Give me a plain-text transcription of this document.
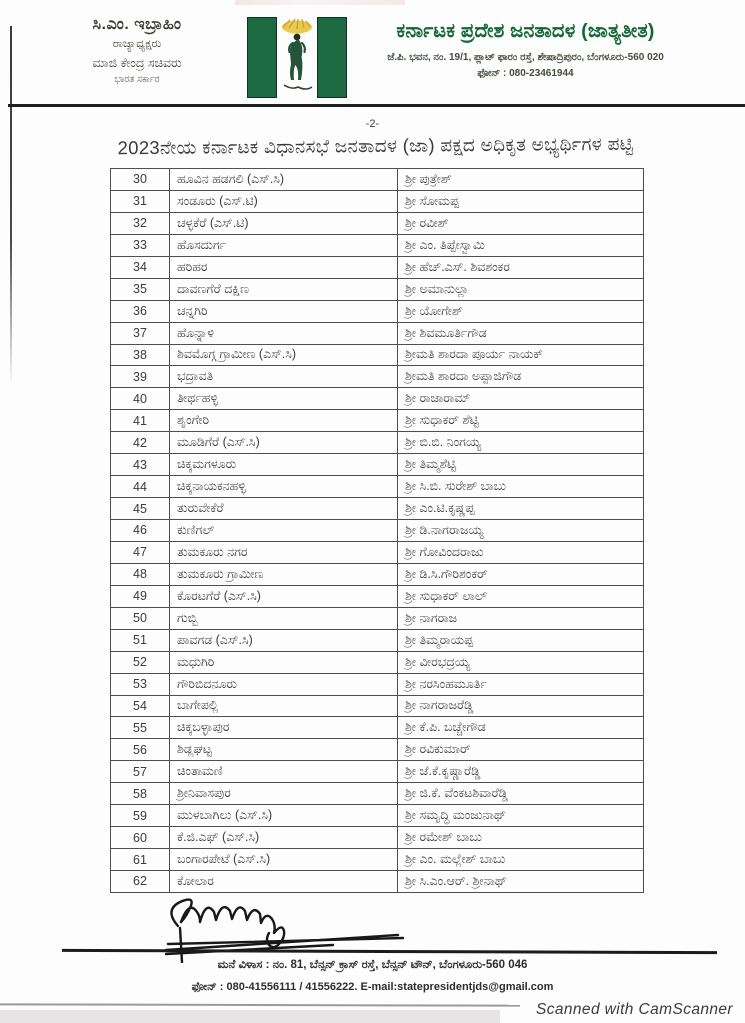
ಸಿ.ಎಂ. ಇಬ್ರಾಹಿಂ
ರಾಜ್ಯಾಧ್ಯಕ್ಷರು
ಮಾಜಿ ಕೇಂದ್ರ ಸಚಿವರು
ಭಾರತ ಸರ್ಕಾರ
ಕರ್ನಾಟಕ ಪ್ರದೇಶ ಜನತಾದಳ (ಜಾತ್ಯತೀತ)
ಜೆ.ಪಿ. ಭವನ, ನಂ. 19/1, ಪ್ಲಾಟ್ ಫಾರಂ ರಸ್ತೆ, ಶೇಷಾದ್ರಿಪುರಂ, ಬೆಂಗಳೂರು-560 020
ಫೋನ್ : 080-23461944
-2-
2023ನೇಯ ಕರ್ನಾಟಕ ವಿಧಾನಸಭೆ ಜನತಾದಳ (ಜಾ) ಪಕ್ಷದ ಅಧಿಕೃತ ಅಭ್ಯರ್ಥಿಗಳ ಪಟ್ಟಿ
30	ಹೂವಿನ ಹಡಗಲಿ (ಎಸ್.ಸಿ)	ಶ್ರೀ ಪುತ್ರೇಶ್
31	ಸಂಡೂರು (ಎಸ್.ಟಿ)	ಶ್ರೀ ಸೋಮಪ್ಪ
32	ಚಳ್ಳಕೆರೆ (ಎಸ್.ಟಿ)	ಶ್ರೀ ರವೀಶ್
33	ಹೊಸದುರ್ಗ	ಶ್ರೀ ಎಂ. ತಿಪ್ಪೇಸ್ವಾಮಿ
34	ಹರಿಹರ	ಶ್ರೀ ಹೆಚ್.ಎಸ್. ಶಿವಶಂಕರ
35	ದಾವಣಗೆರೆ ದಕ್ಷಿಣ	ಶ್ರೀ ಅಮಾನುಲ್ಲಾ
36	ಚನ್ನಗಿರಿ	ಶ್ರೀ ಯೋಗೇಶ್
37	ಹೊನ್ನಾಳಿ	ಶ್ರೀ ಶಿವಮೂರ್ತಿಗೌಡ
38	ಶಿವಮೊಗ್ಗ ಗ್ರಾಮೀಣ (ಎಸ್.ಸಿ)	ಶ್ರೀಮತಿ ಶಾರದಾ ಪೂರ್ಯ ನಾಯಕ್
39	ಭದ್ರಾವತಿ	ಶ್ರೀಮತಿ ಶಾರದಾ ಅಪ್ಪಾಜಿಗೌಡ
40	ತೀರ್ಥಹಳ್ಳಿ	ಶ್ರೀ ರಾಜಾರಾಮ್
41	ಶೃಂಗೇರಿ	ಶ್ರೀ ಸುಧಾಕರ್ ಶೆಟ್ಟಿ
42	ಮೂಡಿಗೆರೆ (ಎಸ್.ಸಿ)	ಶ್ರೀ ಬಿ.ಬಿ. ನಿಂಗಯ್ಯ
43	ಚಿಕ್ಕಮಗಳೂರು	ಶ್ರೀ ತಿಮ್ಮಶೆಟ್ಟಿ
44	ಚಿಕ್ಕನಾಯಕನಹಳ್ಳಿ	ಶ್ರೀ ಸಿ.ಬಿ. ಸುರೇಶ್ ಬಾಬು
45	ತುರುವೇಕೆರೆ	ಶ್ರೀ ಎಂ.ಟಿ.ಕೃಷ್ಣಪ್ಪ
46	ಕುಣಿಗಲ್	ಶ್ರೀ ಡಿ.ನಾಗರಾಜಯ್ಯ
47	ತುಮಕೂರು ನಗರ	ಶ್ರೀ ಗೋವಿಂದರಾಜು
48	ತುಮಕೂರು ಗ್ರಾಮೀಣ	ಶ್ರೀ ಡಿ.ಸಿ.ಗೌರಿಶಂಕರ್
49	ಕೊರಟಗೆರೆ (ಎಸ್.ಸಿ)	ಶ್ರೀ ಸುಧಾಕರ್ ಲಾಲ್
50	ಗುಬ್ಬಿ	ಶ್ರೀ ನಾಗರಾಜ
51	ಪಾವಗಡ (ಎಸ್.ಸಿ)	ಶ್ರೀ ತಿಮ್ಮರಾಯಪ್ಪ
52	ಮಧುಗಿರಿ	ಶ್ರೀ ವೀರಭದ್ರಯ್ಯ
53	ಗೌರಿಬಿದನೂರು	ಶ್ರೀ ನರಸಿಂಹಮೂರ್ತಿ
54	ಬಾಗೇಪಲ್ಲಿ	ಶ್ರೀ ನಾಗರಾಜರೆಡ್ಡಿ
55	ಚಿಕ್ಕಬಳ್ಳಾಪುರ	ಶ್ರೀ ಕೆ.ಪಿ. ಬಚ್ಚೇಗೌಡ
56	ಶಿಡ್ಲಘಟ್ಟ	ಶ್ರೀ ರವಿಕುಮಾರ್
57	ಚಿಂತಾಮಣಿ	ಶ್ರೀ ಜೆ.ಕೆ.ಕೃಷ್ಣಾರೆಡ್ಡಿ
58	ಶ್ರೀನಿವಾಸಪುರ	ಶ್ರೀ ಜಿ.ಕೆ. ವೆಂಕಟಶಿವಾರೆಡ್ಡಿ
59	ಮುಳಬಾಗಿಲು (ಎಸ್.ಸಿ)	ಶ್ರೀ ಸಮೃದ್ಧಿ ಮಂಜುನಾಥ್
60	ಕೆ.ಜಿ.ಎಫ್ (ಎಸ್.ಸಿ)	ಶ್ರೀ ರಮೇಶ್ ಬಾಬು
61	ಬಂಗಾರಪೇಟೆ (ಎಸ್.ಸಿ)	ಶ್ರೀ ಎಂ. ಮಲ್ಲೇಶ್ ಬಾಬು
62	ಕೋಲಾರ	ಶ್ರೀ ಸಿ.ಎಂ.ಆರ್. ಶ್ರೀನಾಥ್
ಮನೆ ವಿಳಾಸ : ನಂ. 81, ಬೆನ್ಸನ್ ಕ್ರಾಸ್ ರಸ್ತೆ, ಬೆನ್ಸನ್ ಟೌನ್, ಬೆಂಗಳೂರು-560 046
ಫೋನ್ : 080-41556111 / 41556222. E-mail:statepresidentjds@gmail.com
Scanned with CamScanner
